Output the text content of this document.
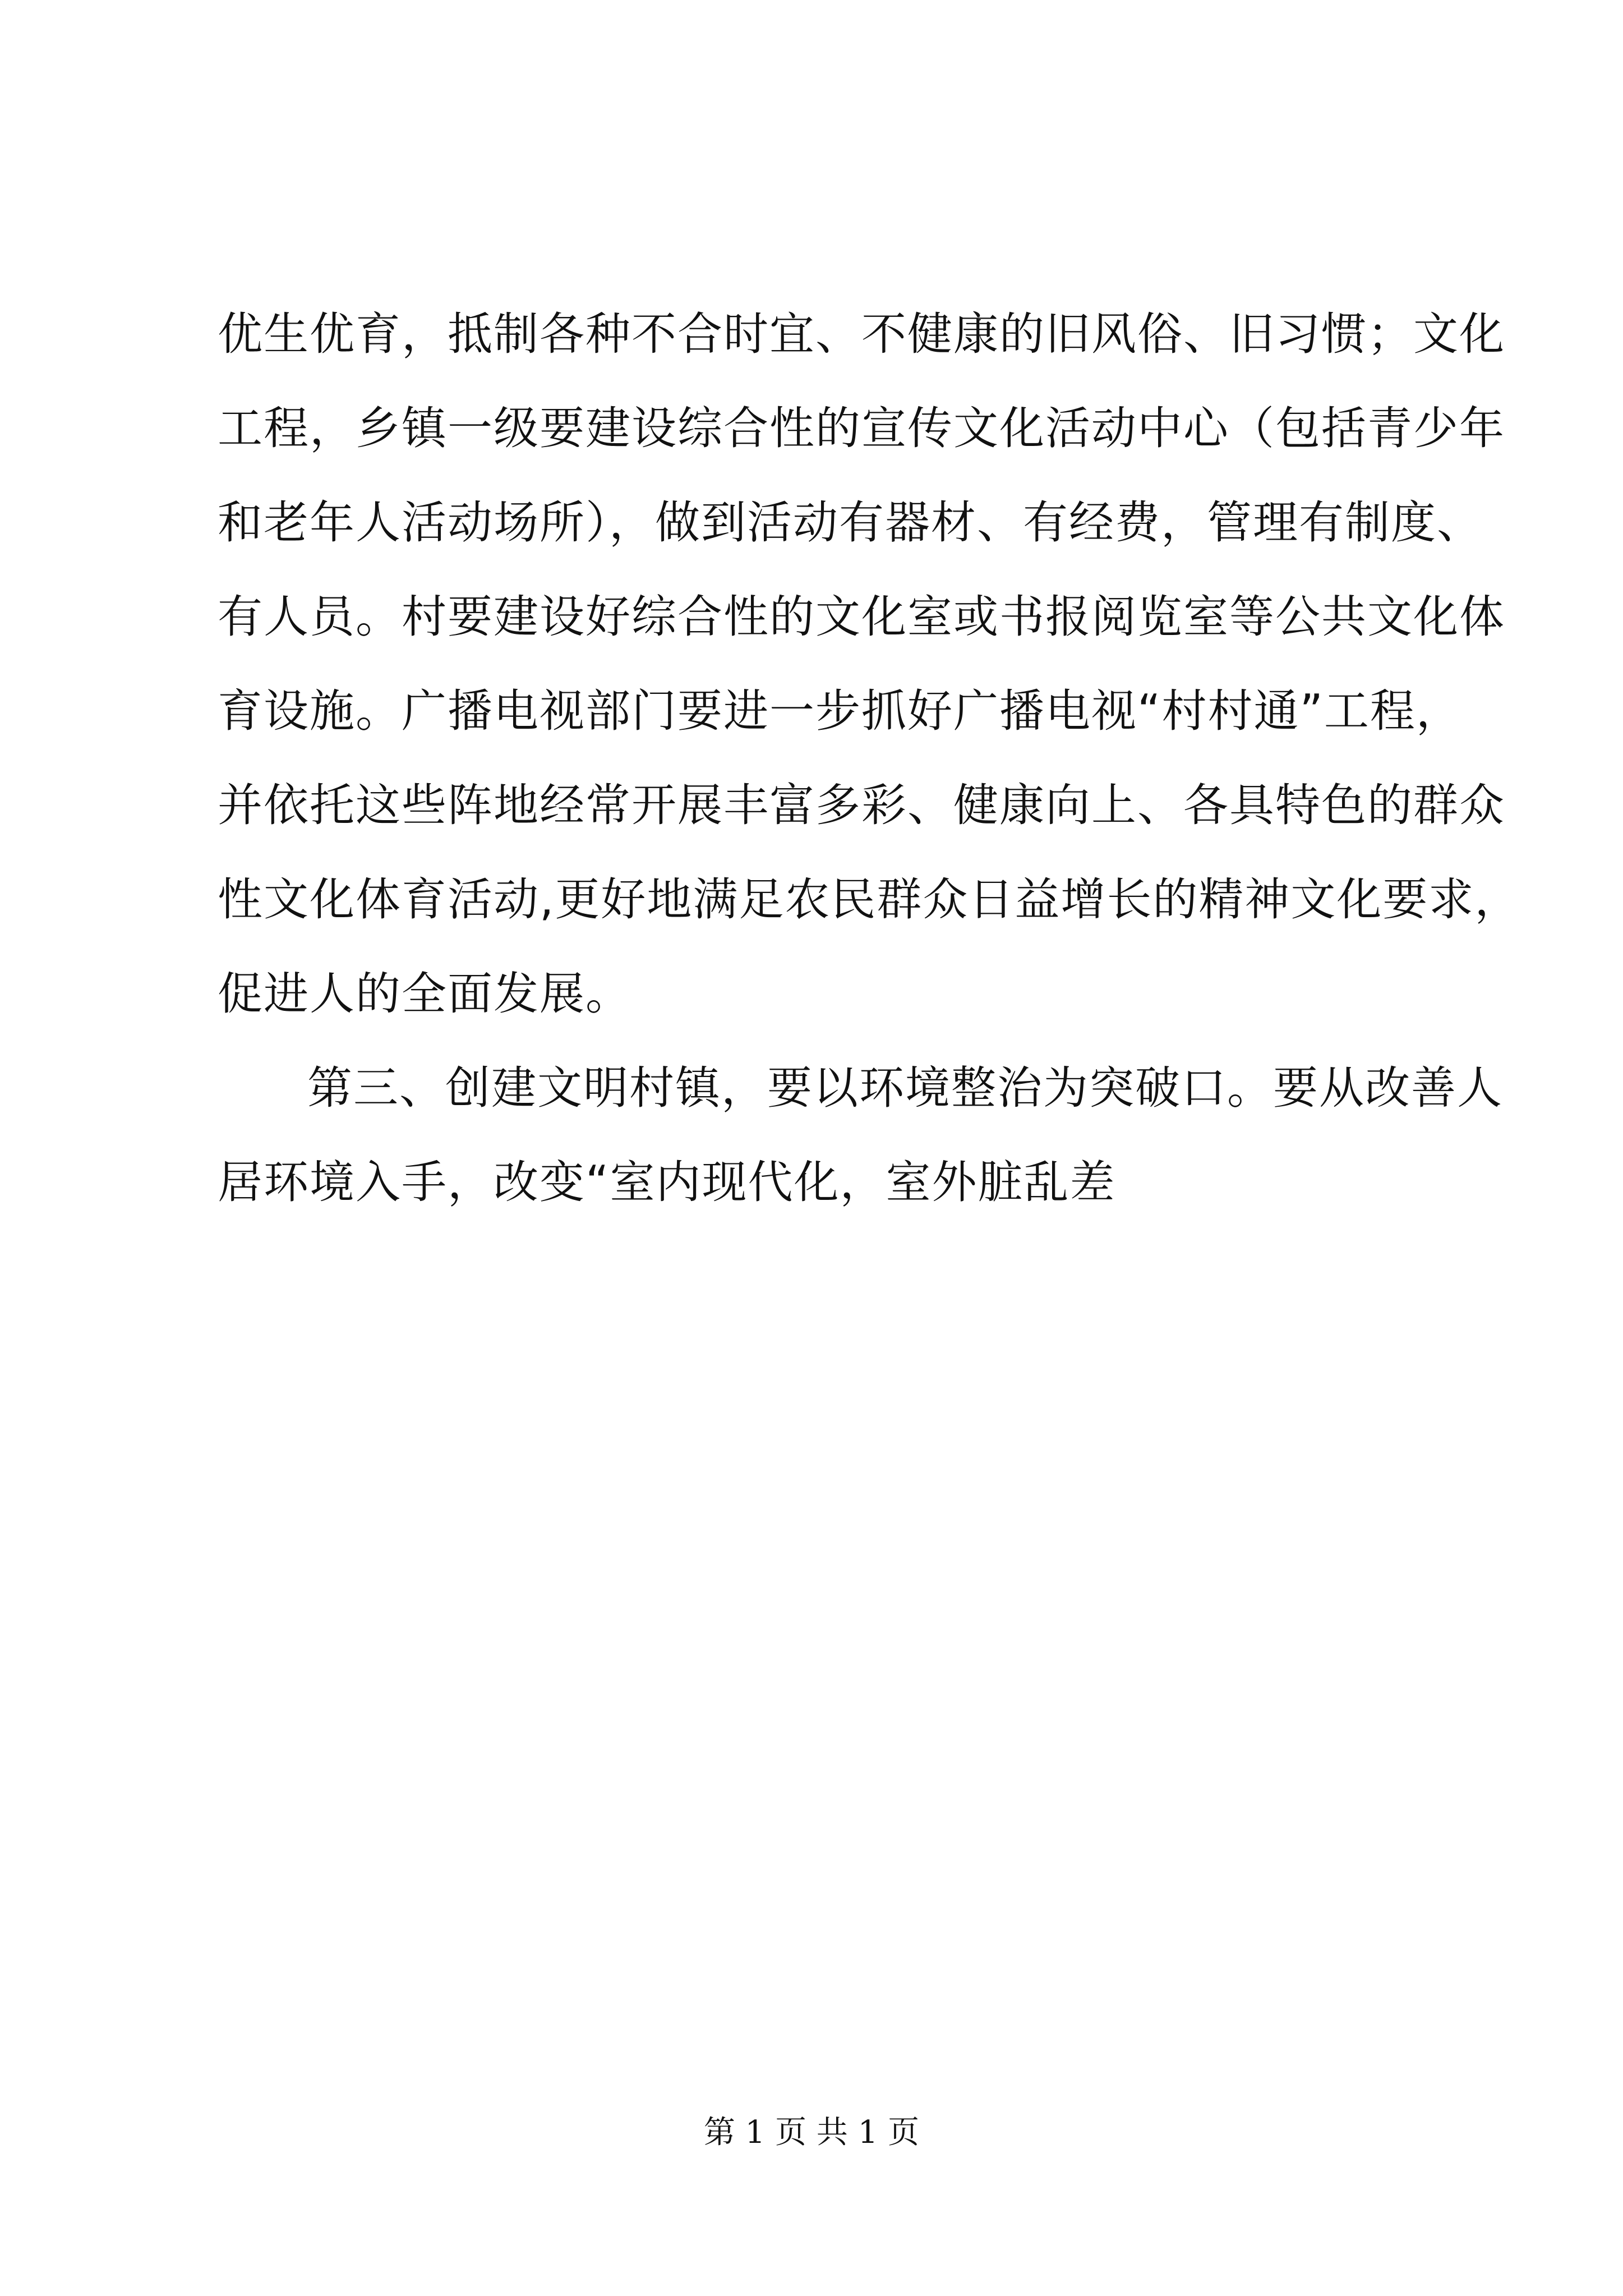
优生优育，抵制各种不合时宜、不健康的旧风俗、旧习惯；文化
工程，乡镇一级要建设综合性的宣传文化活动中心（包括青少年
和老年人活动场所），做到活动有器材、有经费，管理有制度、
有人员。村要建设好综合性的文化室或书报阅览室等公共文化体
育设施。广播电视部门要进一步抓好广播电视“村村通”工程，
并依托这些阵地经常开展丰富多彩、健康向上、各具特色的群众
性文化体育活动,更好地满足农民群众日益增长的精神文化要求，
促进人的全面发展。
第三、创建文明村镇，要以环境整治为突破口。要从改善人
居环境入手，改变“室内现代化，室外脏乱差
第 1 页 共 1 页
